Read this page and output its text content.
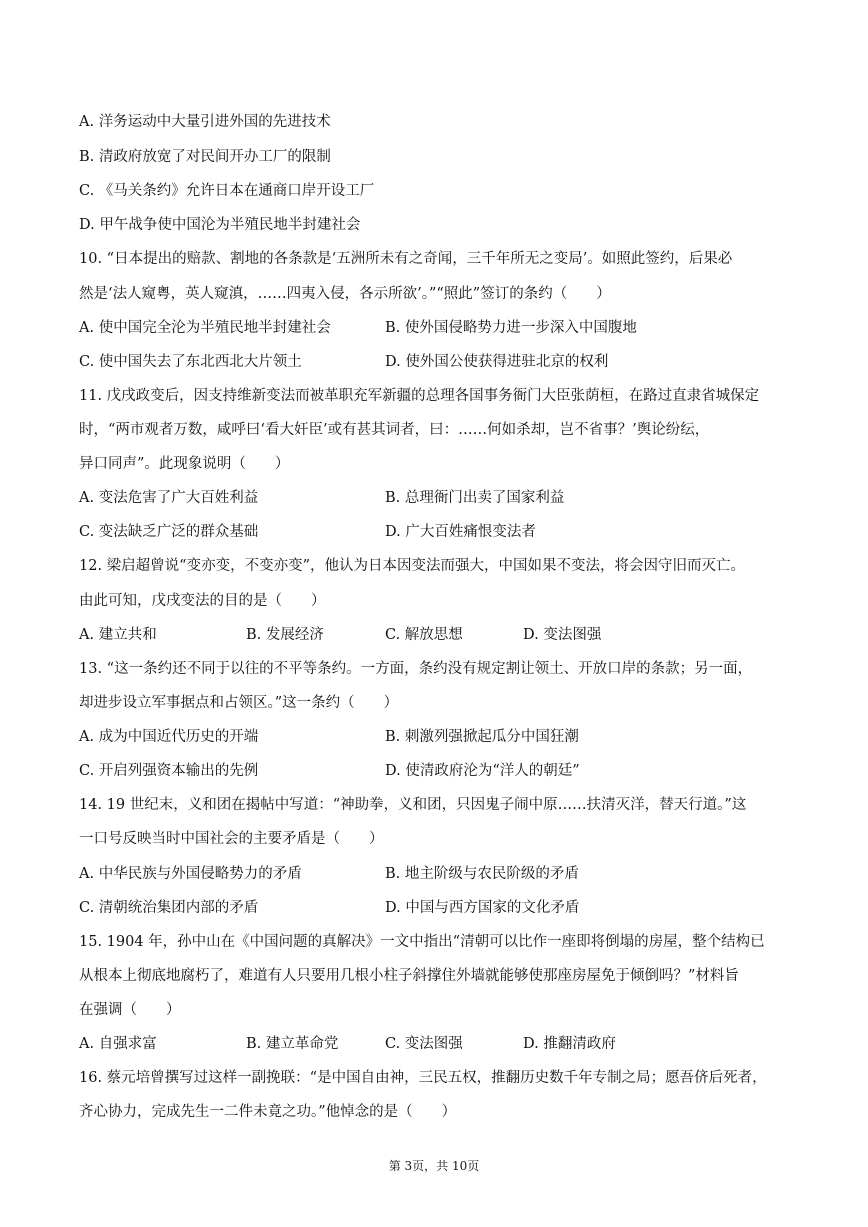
A. 洋务运动中大量引进外国的先进技术
B. 清政府放宽了对民间开办工厂的限制
C. 《马关条约》允许日本在通商口岸开设工厂
D. 甲午战争使中国沦为半殖民地半封建社会
10. “日本提出的赔款、割地的各条款是‘五洲所未有之奇闻，三千年所无之变局’。如照此签约，后果必
然是‘法人窥粤，英人窥滇，……四夷入侵，各示所欲’。”“照此”签订的条约（　　）
A. 使中国完全沦为半殖民地半封建社会	B. 使外国侵略势力进一步深入中国腹地
C. 使中国失去了东北西北大片领土	D. 使外国公使获得进驻北京的权利
11. 戊戌政变后，因支持维新变法而被革职充军新疆的总理各国事务衙门大臣张荫桓，在路过直隶省城保定
时，“两市观者万数，咸呼曰‘看大奸臣’或有甚其词者，曰：……何如杀却，岂不省事？’舆论纷纭，
异口同声”。此现象说明（　　）
A. 变法危害了广大百姓利益	B. 总理衙门出卖了国家利益
C. 变法缺乏广泛的群众基础	D. 广大百姓痛恨变法者
12. 梁启超曾说“变亦变，不变亦变”，他认为日本因变法而强大，中国如果不变法，将会因守旧而灭亡。
由此可知，戊戌变法的目的是（　　）
A. 建立共和	B. 发展经济	C. 解放思想	D. 变法图强
13. “这一条约还不同于以往的不平等条约。一方面，条约没有规定割让领土、开放口岸的条款；另一面，
却进步设立军事据点和占领区。”这一条约（　　）
A. 成为中国近代历史的开端	B. 刺激列强掀起瓜分中国狂潮
C. 开启列强资本输出的先例	D. 使清政府沦为“洋人的朝廷”
14. 19 世纪末，义和团在揭帖中写道：“神助拳，义和团，只因鬼子闹中原……扶清灭洋，替天行道。”这
一口号反映当时中国社会的主要矛盾是（　　）
A. 中华民族与外国侵略势力的矛盾	B. 地主阶级与农民阶级的矛盾
C. 清朝统治集团内部的矛盾	D. 中国与西方国家的文化矛盾
15. 1904 年，孙中山在《中国问题的真解决》一文中指出“清朝可以比作一座即将倒塌的房屋，整个结构已
从根本上彻底地腐朽了，难道有人只要用几根小柱子斜撑住外墙就能够使那座房屋免于倾倒吗？”材料旨
在强调（　　）
A. 自强求富	B. 建立革命党	C. 变法图强	D. 推翻清政府
16. 蔡元培曾撰写过这样一副挽联：“是中国自由神，三民五权，推翻历史数千年专制之局；愿吾侪后死者，
齐心协力，完成先生一二件未竟之功。”他悼念的是（　　）
第 3页，共 10页
